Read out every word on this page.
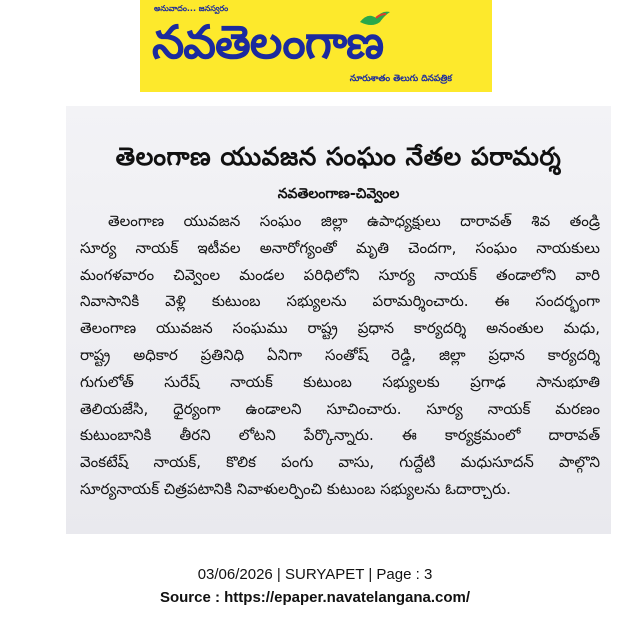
అనువాదం... జనస్వరం
నవతెలంగాణ
నూరుశాతం తెలుగు దినపత్రిక
తెలంగాణ యువజన సంఘం నేతల పరామర్శ
నవతెలంగాణ-చివ్వెంల
తెలంగాణ యువజన సంఘం జిల్లా ఉపాధ్యక్షులు దారావత్ శివ తండ్రి
సూర్య నాయక్ ఇటీవల అనారోగ్యంతో మృతి చెందగా, సంఘం నాయకులు
మంగళవారం చివ్వెంల మండల పరిధిలోని సూర్య నాయక్ తండాలోని వారి
నివాసానికి వెళ్లి కుటుంబ సభ్యులను పరామర్శించారు. ఈ సందర్భంగా
తెలంగాణ యువజన సంఘము రాష్ట్ర ప్రధాన కార్యదర్శి అనంతుల మధు,
రాష్ట్ర అధికార ప్రతినిధి ఏనిగా సంతోష్ రెడ్డి, జిల్లా ప్రధాన కార్యదర్శి
గుగులోత్ సురేష్ నాయక్ కుటుంబ సభ్యులకు ప్రగాఢ సానుభూతి
తెలియజేసి, ధైర్యంగా ఉండాలని సూచించారు. సూర్య నాయక్ మరణం
కుటుంబానికి తీరని లోటని పేర్కొన్నారు. ఈ కార్యక్రమంలో దారావత్
వెంకటేష్ నాయక్, కొలిక పంగు వాసు, గుద్దేటి మధుసూదన్ పాల్గొని
సూర్యనాయక్ చిత్రపటానికి నివాళులర్పించి కుటుంబ సభ్యులను ఓదార్చారు.
03/06/2026 | SURYAPET | Page : 3
Source : https://epaper.navatelangana.com/
